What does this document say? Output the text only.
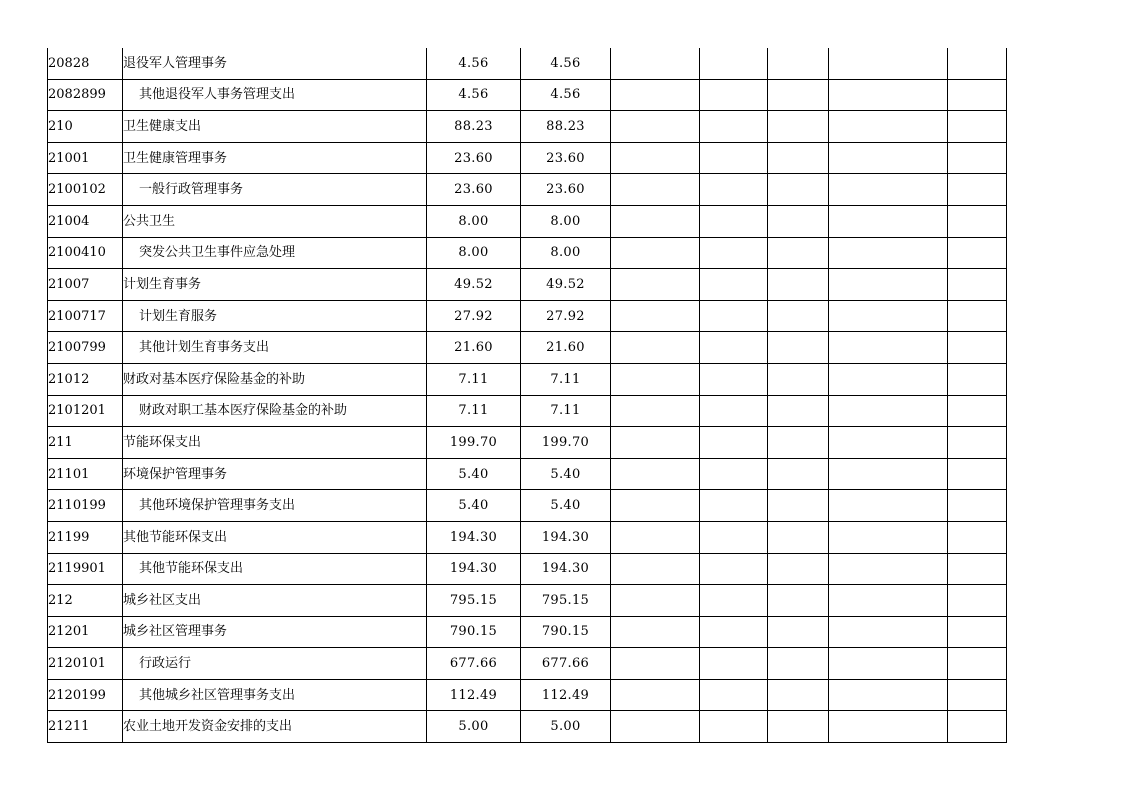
20828	退役军人管理事务	4.56	4.56					
2082899	其他退役军人事务管理支出	4.56	4.56					
210	卫生健康支出	88.23	88.23					
21001	卫生健康管理事务	23.60	23.60					
2100102	一般行政管理事务	23.60	23.60					
21004	公共卫生	8.00	8.00					
2100410	突发公共卫生事件应急处理	8.00	8.00					
21007	计划生育事务	49.52	49.52					
2100717	计划生育服务	27.92	27.92					
2100799	其他计划生育事务支出	21.60	21.60					
21012	财政对基本医疗保险基金的补助	7.11	7.11					
2101201	财政对职工基本医疗保险基金的补助	7.11	7.11					
211	节能环保支出	199.70	199.70					
21101	环境保护管理事务	5.40	5.40					
2110199	其他环境保护管理事务支出	5.40	5.40					
21199	其他节能环保支出	194.30	194.30					
2119901	其他节能环保支出	194.30	194.30					
212	城乡社区支出	795.15	795.15					
21201	城乡社区管理事务	790.15	790.15					
2120101	行政运行	677.66	677.66					
2120199	其他城乡社区管理事务支出	112.49	112.49					
21211	农业土地开发资金安排的支出	5.00	5.00					
